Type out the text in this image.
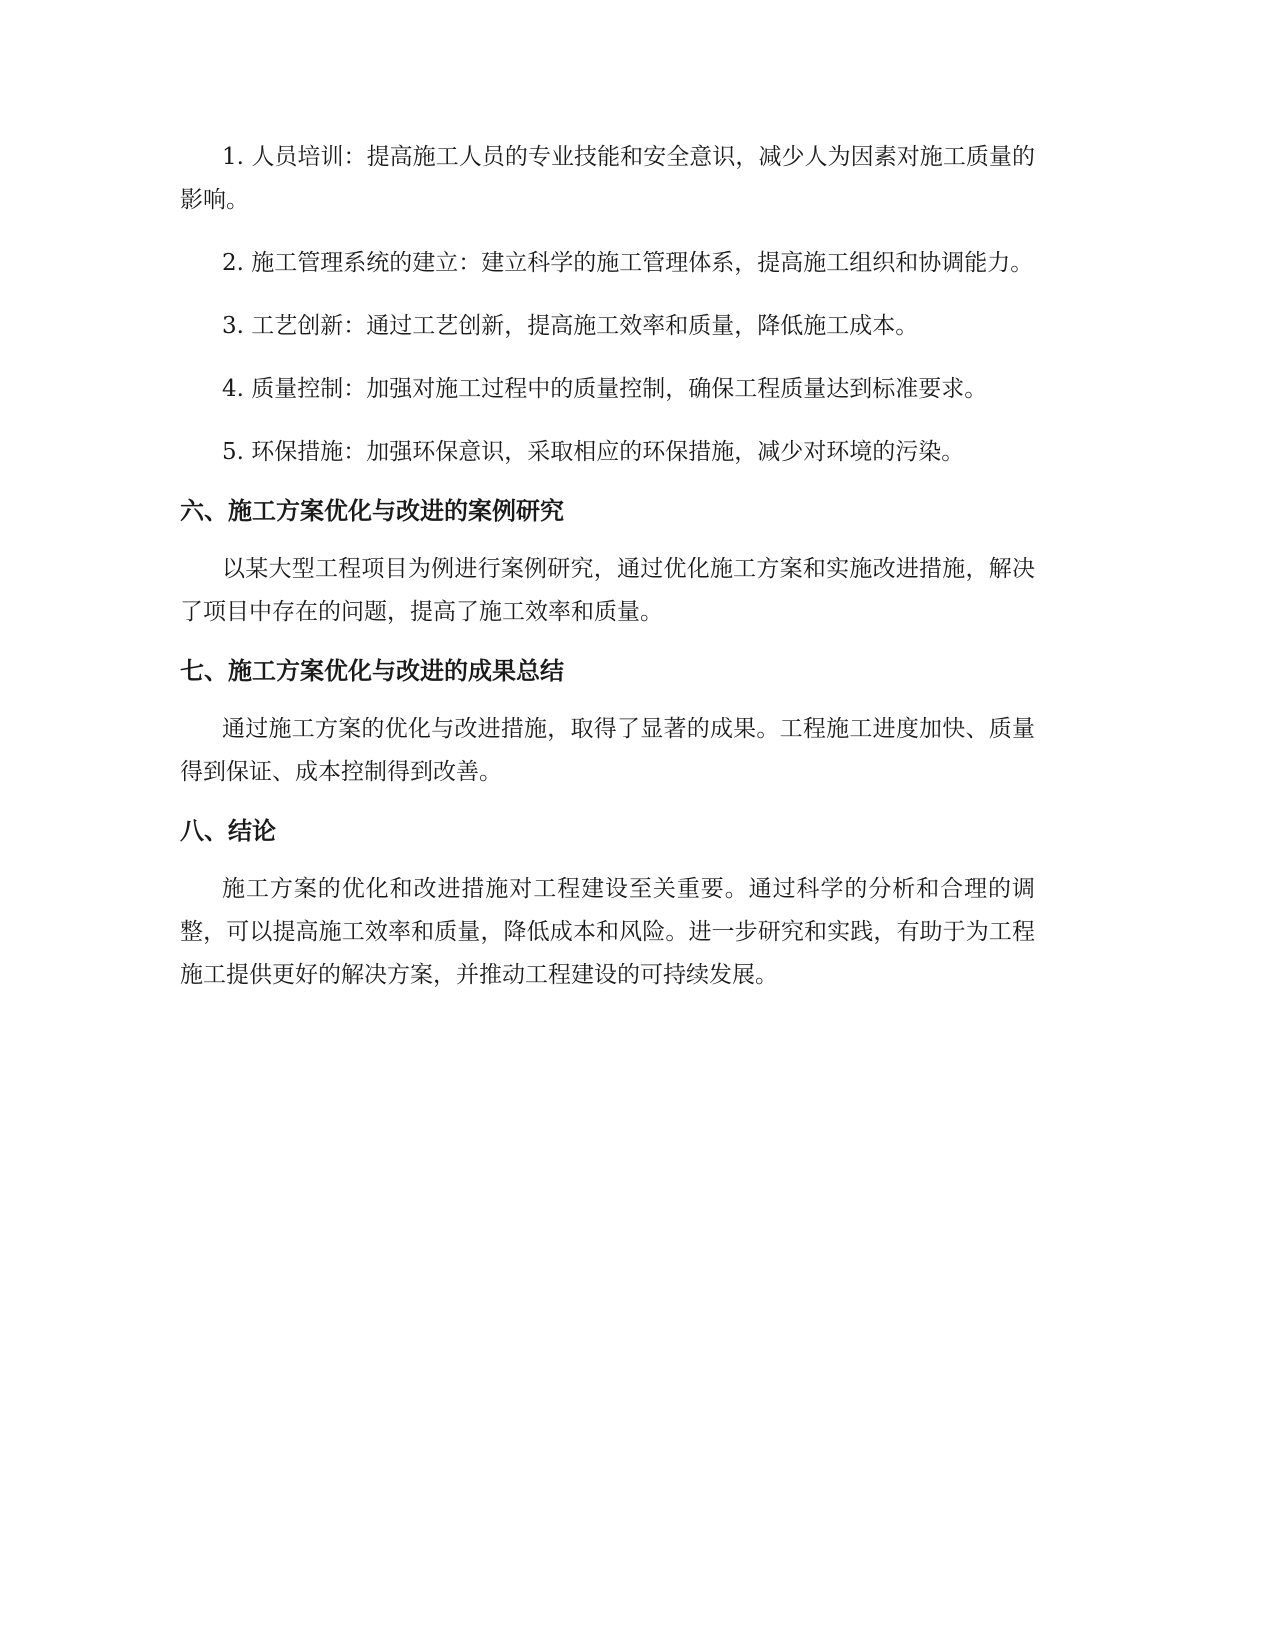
1. 人员培训：提高施工人员的专业技能和安全意识，减少人为因素对施工质量的影响。

2. 施工管理系统的建立：建立科学的施工管理体系，提高施工组织和协调能力。

3. 工艺创新：通过工艺创新，提高施工效率和质量，降低施工成本。

4. 质量控制：加强对施工过程中的质量控制，确保工程质量达到标准要求。

5. 环保措施：加强环保意识，采取相应的环保措施，减少对环境的污染。

六、施工方案优化与改进的案例研究

以某大型工程项目为例进行案例研究，通过优化施工方案和实施改进措施，解决了项目中存在的问题，提高了施工效率和质量。

七、施工方案优化与改进的成果总结

通过施工方案的优化与改进措施，取得了显著的成果。工程施工进度加快、质量得到保证、成本控制得到改善。

八、结论

施工方案的优化和改进措施对工程建设至关重要。通过科学的分析和合理的调整，可以提高施工效率和质量，降低成本和风险。进一步研究和实践，有助于为工程施工提供更好的解决方案，并推动工程建设的可持续发展。
